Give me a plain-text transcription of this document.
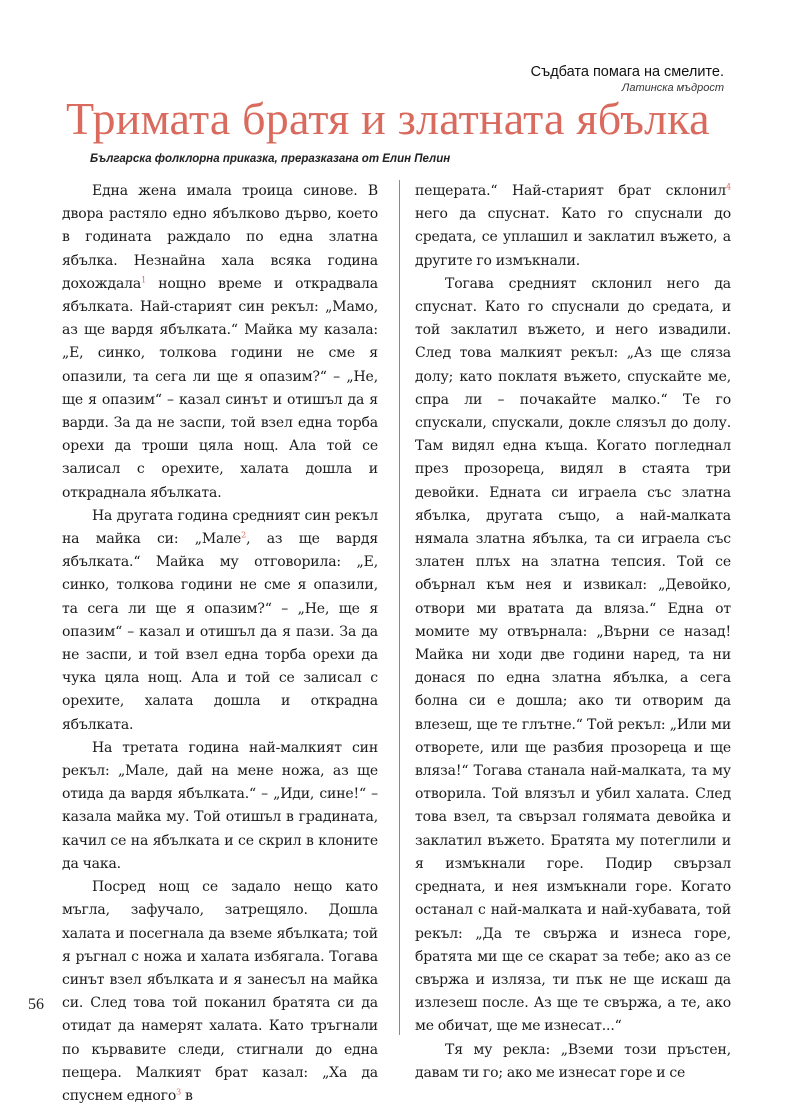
Съдбата помага на смелите.
Латинска мъдрост
Тримата братя и златната ябълка
Българска фолклорна приказка, преразказана от Елин Пелин

Една жена имала троица синове. В двора растяло едно ябълково дърво, което в годината раждало по една златна ябълка. Незнайна хала всяка година дохождала$^1$ нощно време и открадвала ябълката. Най-старият син рекъл: „Мамо, аз ще вардя ябълката.“ Майка му казала: „Е, синко, толкова години не сме я опазили, та сега ли ще я опазим?“ – „Не, ще я опазим“ – казал синът и отишъл да я варди. За да не заспи, той взел една торба орехи да троши цяла нощ. Ала той се залисал с орехите, халата дошла и откраднала ябълката.

На другата година средният син рекъл на майка си: „Мале$^2$, аз ще вардя ябълката.“ Майка му отговорила: „Е, синко, толкова години не сме я опазили, та сега ли ще я опазим?“ – „Не, ще я опазим“ – казал и отишъл да я пази. За да не заспи, и той взел една торба орехи да чука цяла нощ. Ала и той се залисал с орехите, халата дошла и открадна ябълката.

На третата година най-малкият син рекъл: „Мале, дай на мене ножа, аз ще отида да вардя ябълката.“ – „Иди, сине!“ – казала майка му. Той отишъл в градината, качил се на ябълката и се скрил в клоните да чака.

Посред нощ се задало нещо като мъгла, зафучало, затрещяло. Дошла халата и посегнала да вземе ябълката; той я ръгнал с ножа и халата избягала. Тогава синът взел ябълката и я занесъл на майка си. След това той поканил братята си да отидат да намерят халата. Като тръгнали по кървавите следи, стигнали до една пещера. Малкият брат казал: „Ха да спуснем едного$^3$ в

пещерата.“ Най-старият брат склонил$^4$ него да спуснат. Като го спуснали до средата, се уплашил и заклатил въжето, а другите го измъкнали.

Тогава средният склонил него да спуснат. Като го спуснали до средата, и той заклатил въжето, и него извадили. След това малкият рекъл: „Аз ще сляза долу; като поклатя въжето, спускайте ме, спра ли – почакайте малко.“ Те го спускали, спускали, докле слязъл до долу. Там видял една къща. Когато погледнал през прозореца, видял в стаята три девойки. Едната си играела със златна ябълка, другата също, а най-малката нямала златна ябълка, та си играела със златен плъх на златна тепсия. Той се обърнал към нея и извикал: „Девойко, отвори ми вратата да вляза.“ Една от момите му отвърнала: „Върни се назад! Майка ни ходи две години наред, та ни донася по една златна ябълка, а сега болна си е дошла; ако ти отворим да влезеш, ще те глътне.“ Той рекъл: „Или ми отворете, или ще разбия прозореца и ще вляза!“ Тогава станала най-малката, та му отворила. Той влязъл и убил халата. След това взел, та свързал голямата девойка и заклатил въжето. Братята му потеглили и я измъкнали горе. Подир свързал средната, и нея измъкнали горе. Когато останал с най-малката и най-хубавата, той рекъл: „Да те свържа и изнеса горе, братята ми ще се скарат за тебе; ако аз се свържа и изляза, ти пък не ще искаш да излезеш после. Аз ще те свържа, а те, ако ме обичат, ще ме изнесат...“

Тя му рекла: „Вземи този пръстен, давам ти го; ако ме изнесат горе и се

56
